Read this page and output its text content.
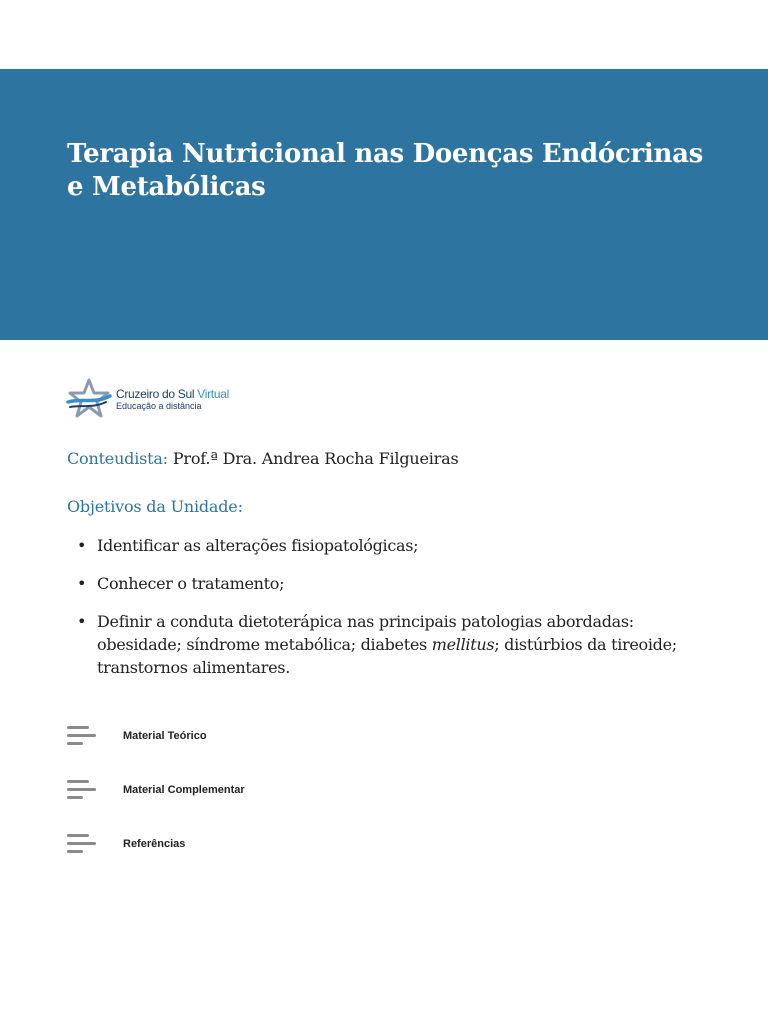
Terapia Nutricional nas Doenças Endócrinas e Metabólicas
Cruzeiro do Sul Virtual
Educação a distância

Conteudista: Prof.ª Dra. Andrea Rocha Filgueiras

Objetivos da Unidade:
• Identificar as alterações fisiopatológicas;
• Conhecer o tratamento;
• Definir a conduta dietoterápica nas principais patologias abordadas: obesidade; síndrome metabólica; diabetes mellitus; distúrbios da tireoide; transtornos alimentares.
Material Teórico
Material Complementar
Referências
